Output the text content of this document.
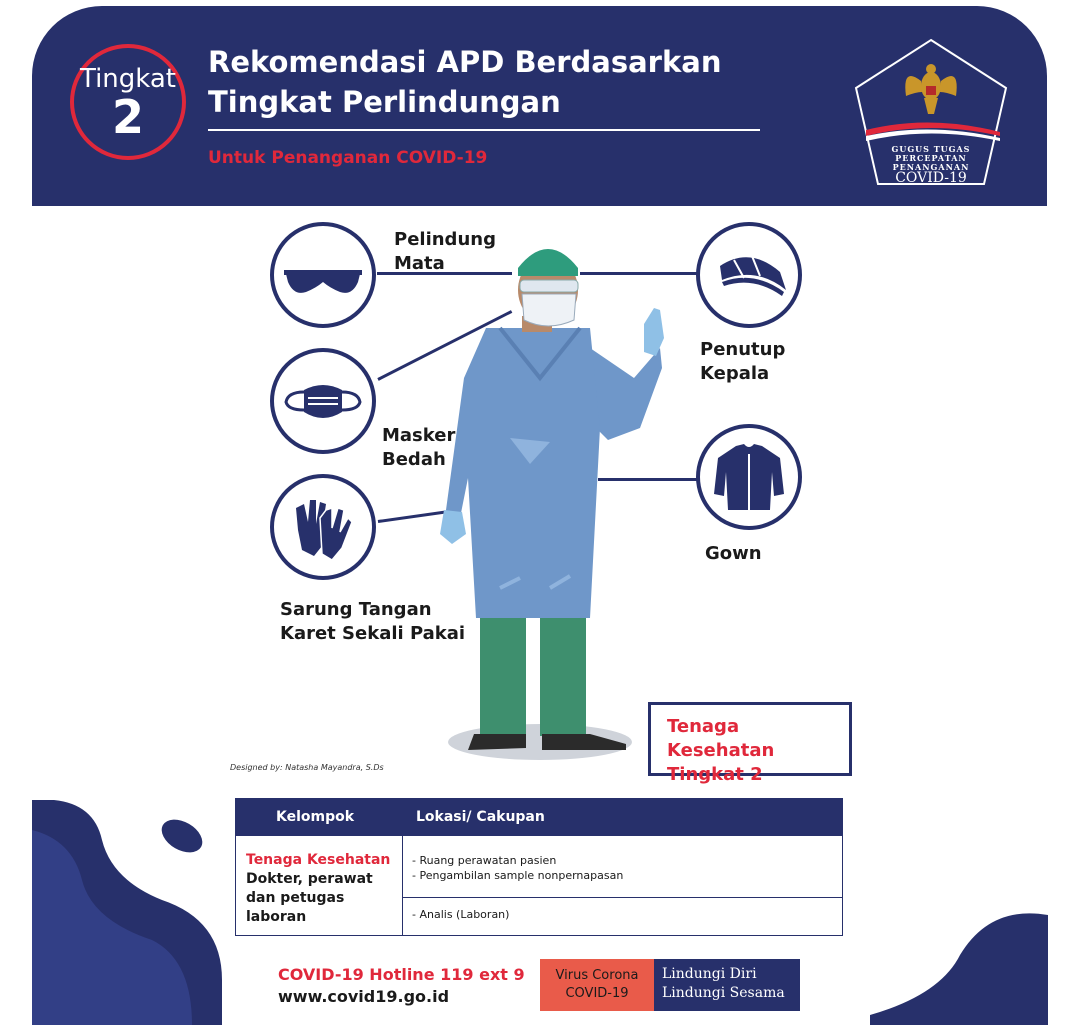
Tingkat
2
Rekomendasi APD Berdasarkan
Tingkat Perlindungan
Untuk Penanganan COVID-19	GUGUS TUGAS
PERCEPATAN
PENANGANAN
COVID-19
Pelindung
Mata
Masker
Bedah
Sarung Tangan
Karet Sekali Pakai
Penutup
Kepala
Gown
Designed by: Natasha Mayandra, S.Ds
Tenaga Kesehatan
Tingkat 2
Kelompok	Lokasi/ Cakupan
Tenaga Kesehatan
Dokter, perawat dan petugas laboran
- Ruang perawatan pasien
- Pengambilan sample nonpernapasan
- Analis (Laboran)
COVID-19 Hotline 119 ext 9
www.covid19.go.id
Virus Corona
COVID-19
Lindungi Diri
Lindungi Sesama
